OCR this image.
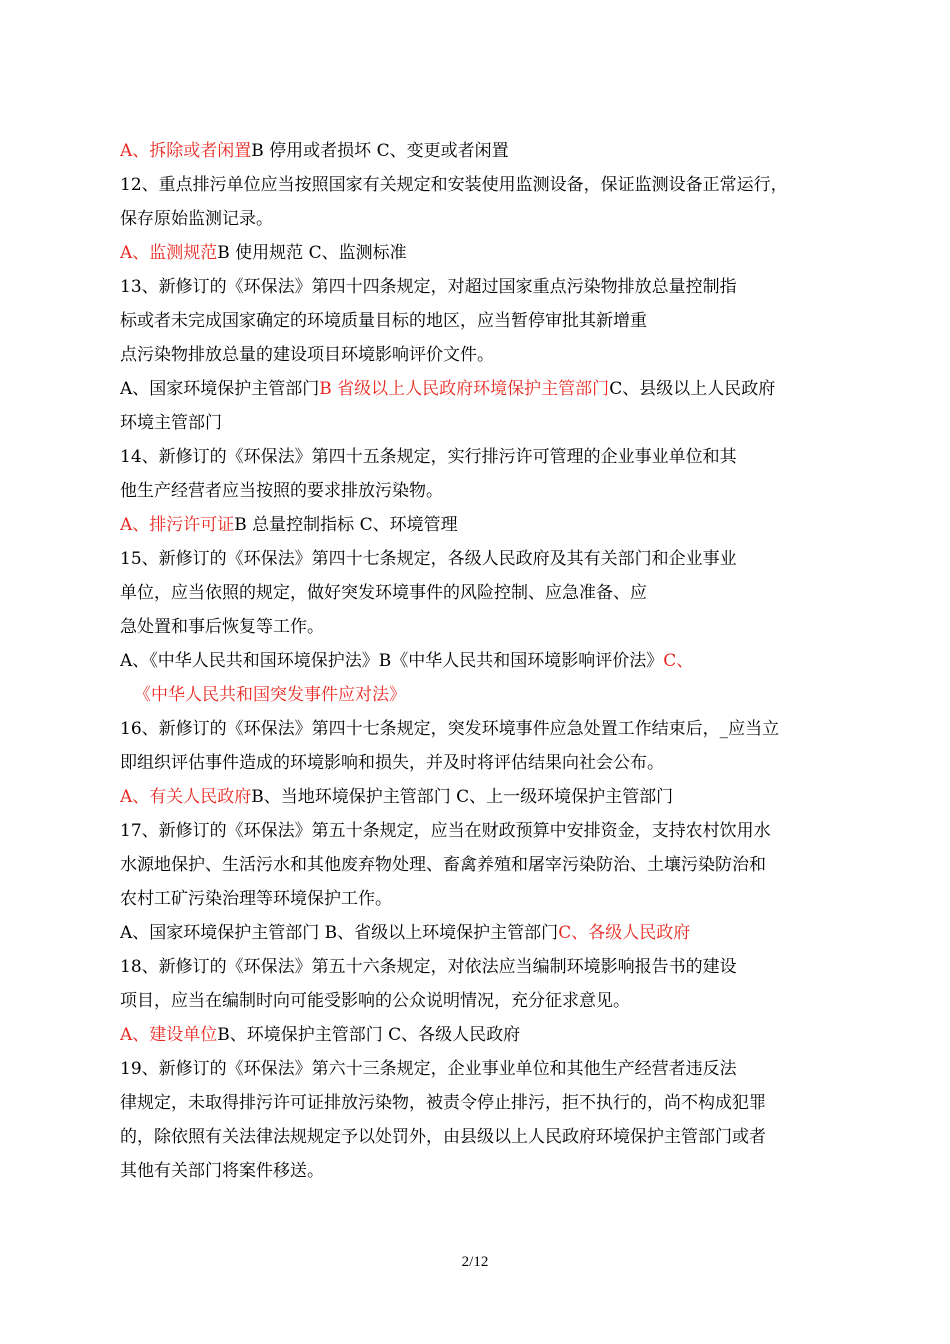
A、拆除或者闲置B 停用或者损坏 C、变更或者闲置
12、重点排污单位应当按照国家有关规定和安装使用监测设备，保证监测设备正常运行，
保存原始监测记录。
A、监测规范B 使用规范 C、监测标准
13、新修订的《环保法》第四十四条规定，对超过国家重点污染物排放总量控制指
标或者未完成国家确定的环境质量目标的地区，应当暂停审批其新增重
点污染物排放总量的建设项目环境影响评价文件。
A、国家环境保护主管部门B 省级以上人民政府环境保护主管部门C、县级以上人民政府
环境主管部门
14、新修订的《环保法》第四十五条规定，实行排污许可管理的企业事业单位和其
他生产经营者应当按照的要求排放污染物。
A、排污许可证B 总量控制指标 C、环境管理
15、新修订的《环保法》第四十七条规定，各级人民政府及其有关部门和企业事业
单位，应当依照的规定，做好突发环境事件的风险控制、应急准备、应
急处置和事后恢复等工作。
A、《中华人民共和国环境保护法》B《中华人民共和国环境影响评价法》C、
《中华人民共和国突发事件应对法》
16、新修订的《环保法》第四十七条规定，突发环境事件应急处置工作结束后，_应当立
即组织评估事件造成的环境影响和损失，并及时将评估结果向社会公布。
A、有关人民政府B、当地环境保护主管部门 C、上一级环境保护主管部门
17、新修订的《环保法》第五十条规定，应当在财政预算中安排资金，支持农村饮用水
水源地保护、生活污水和其他废弃物处理、畜禽养殖和屠宰污染防治、土壤污染防治和
农村工矿污染治理等环境保护工作。
A、国家环境保护主管部门 B、省级以上环境保护主管部门C、各级人民政府
18、新修订的《环保法》第五十六条规定，对依法应当编制环境影响报告书的建设
项目，应当在编制时向可能受影响的公众说明情况，充分征求意见。
A、建设单位B、环境保护主管部门 C、各级人民政府
19、新修订的《环保法》第六十三条规定，企业事业单位和其他生产经营者违反法
律规定，未取得排污许可证排放污染物，被责令停止排污，拒不执行的，尚不构成犯罪
的，除依照有关法律法规规定予以处罚外，由县级以上人民政府环境保护主管部门或者
其他有关部门将案件移送。
2/12
